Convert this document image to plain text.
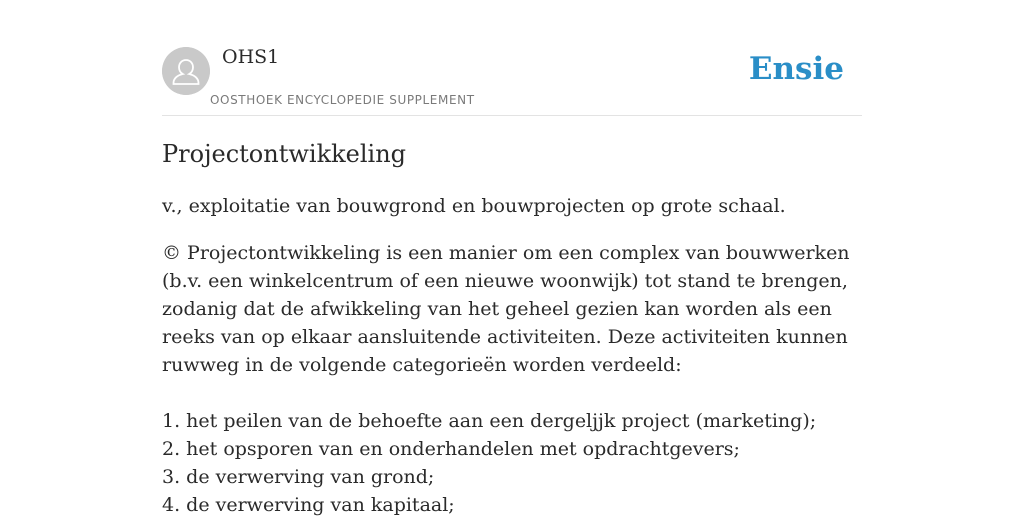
OHS1
OOSTHOEK ENCYCLOPEDIE SUPPLEMENT
Ensie
Projectontwikkeling

v., exploitatie van bouwgrond en bouwprojecten op grote schaal.

© Projectontwikkeling is een manier om een complex van bouwwerken (b.v. een winkelcentrum of een nieuwe woonwijk) tot stand te brengen, zodanig dat de afwikkeling van het geheel gezien kan worden als een reeks van op elkaar aansluitende activiteiten. Deze activiteiten kunnen ruwweg in de volgende categorieën worden verdeeld:

1. het peilen van de behoefte aan een dergeljjk project (marketing);
2. het opsporen van en onderhandelen met opdrachtgevers;
3. de verwerving van grond;
4. de verwerving van kapitaal;
